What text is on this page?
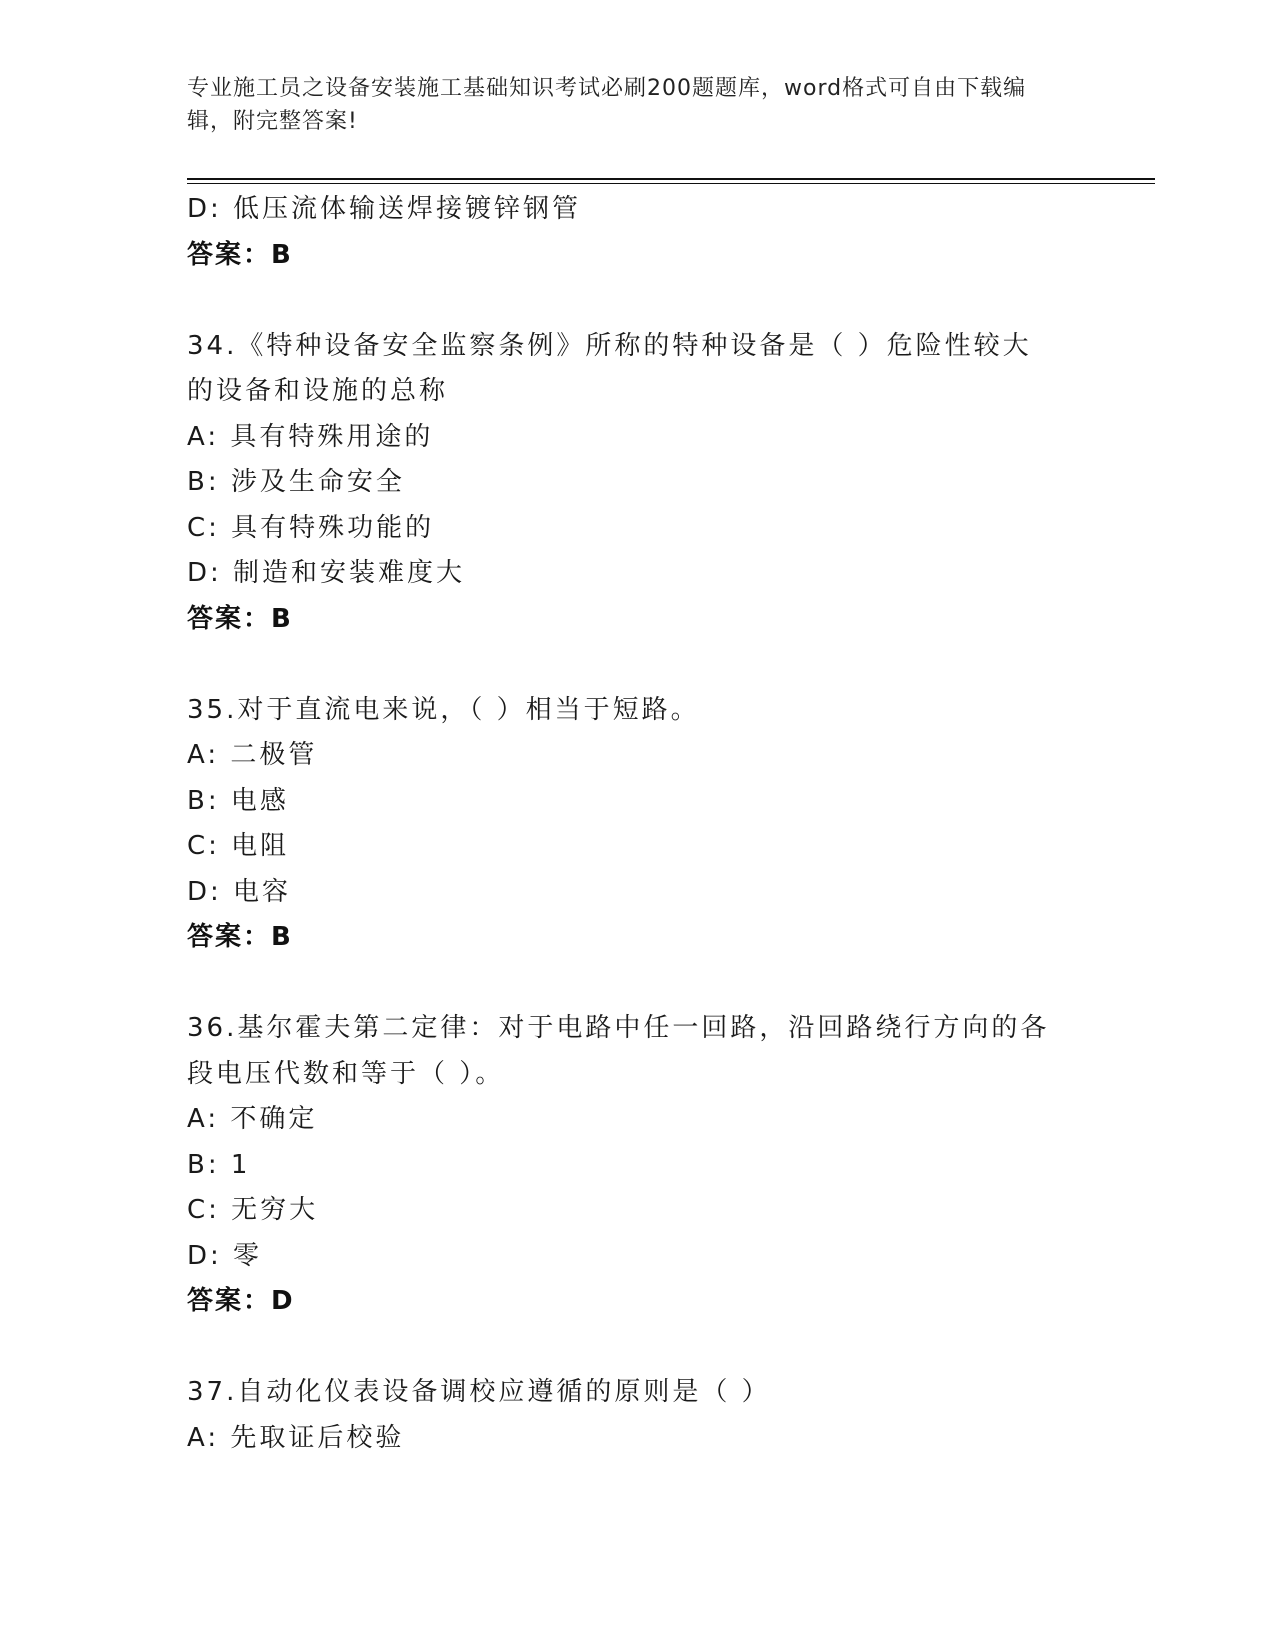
专业施工员之设备安装施工基础知识考试必刷200题题库，word格式可自由下载编辑，附完整答案!
D: 低压流体输送焊接镀锌钢管
答案：B
34.《特种设备安全监察条例》所称的特种设备是（ ）危险性较大的设备和设施的总称
A: 具有特殊用途的
B: 涉及生命安全
C: 具有特殊功能的
D: 制造和安装难度大
答案：B
35.对于直流电来说，（ ）相当于短路。
A: 二极管
B: 电感
C: 电阻
D: 电容
答案：B
36.基尔霍夫第二定律：对于电路中任一回路，沿回路绕行方向的各段电压代数和等于（ ）。
A: 不确定
B: 1
C: 无穷大
D: 零
答案：D
37.自动化仪表设备调校应遵循的原则是（ ）
A: 先取证后校验
